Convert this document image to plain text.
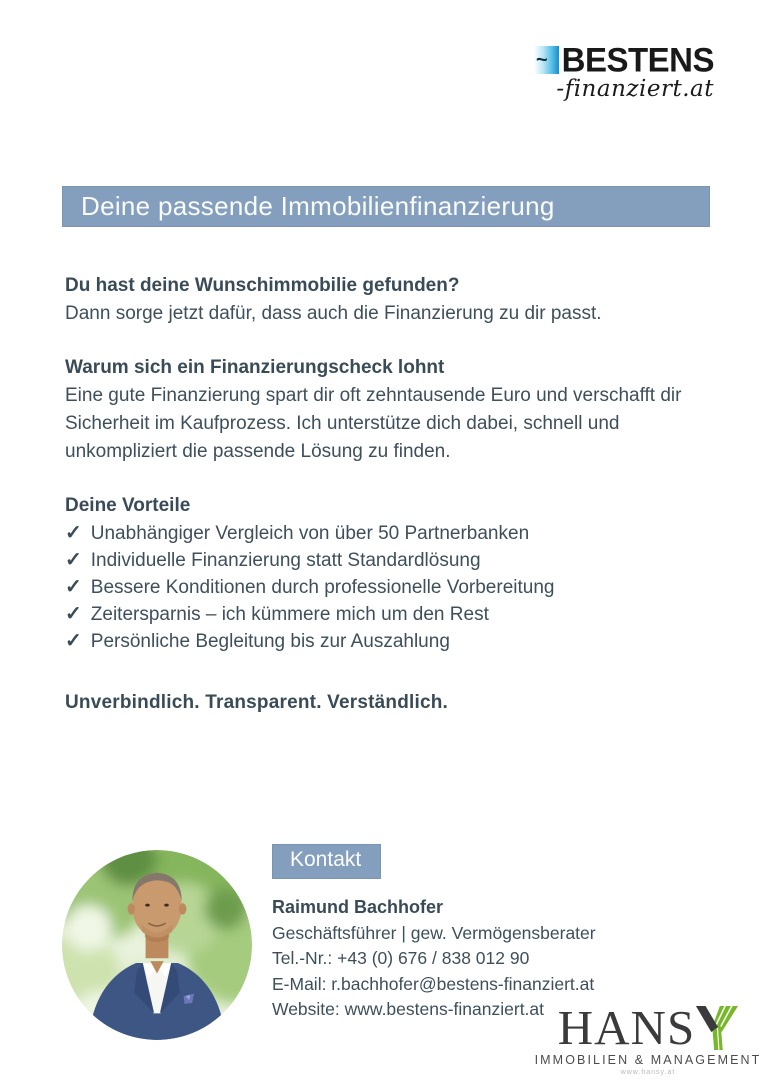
~ BESTENS
-finanziert.at
Deine passende Immobilienfinanzierung
Du hast deine Wunschimmobilie gefunden?
Dann sorge jetzt dafür, dass auch die Finanzierung zu dir passt.
Warum sich ein Finanzierungscheck lohnt
Eine gute Finanzierung spart dir oft zehntausende Euro und verschafft dir
Sicherheit im Kaufprozess. Ich unterstütze dich dabei, schnell und
unkompliziert die passende Lösung zu finden.
Deine Vorteile
✓ Unabhängiger Vergleich von über 50 Partnerbanken
✓ Individuelle Finanzierung statt Standardlösung
✓ Bessere Konditionen durch professionelle Vorbereitung
✓ Zeitersparnis – ich kümmere mich um den Rest
✓ Persönliche Begleitung bis zur Auszahlung
Unverbindlich. Transparent. Verständlich.
Kontakt
Raimund Bachhofer
Geschäftsführer | gew. Vermögensberater
Tel.-Nr.: +43 (0) 676 / 838 012 90
E-Mail: r.bachhofer@bestens-finanziert.at
Website: www.bestens-finanziert.at HANS
IMMOBILIEN & MANAGEMENT
www.hansy.at
